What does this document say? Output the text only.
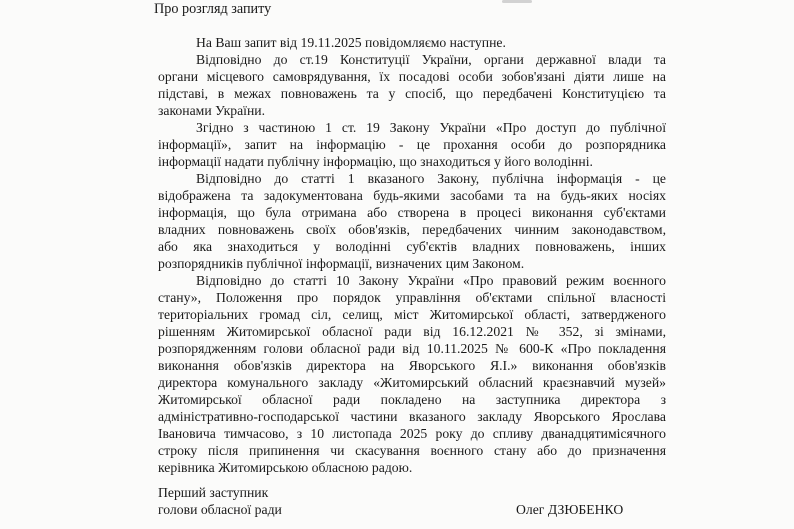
Про розгляд запиту

На Ваш запит від 19.11.2025 повідомляємо наступне.

Відповідно до ст.19 Конституції України, органи державної влади та
органи місцевого самоврядування, їх посадові особи зобов'язані діяти лише на
підставі, в межах повноважень та у спосіб, що передбачені Конституцією та
законами України.

Згідно з частиною 1 ст. 19 Закону України «Про доступ до публічної
інформації», запит на інформацію - це прохання особи до розпорядника
інформації надати публічну інформацію, що знаходиться у його володінні.

Відповідно до статті 1 вказаного Закону, публічна інформація - це
відображена та задокументована будь-якими засобами та на будь-яких носіях
інформація, що була отримана або створена в процесі виконання суб'єктами
владних повноважень своїх обов'язків, передбачених чинним законодавством,
або яка знаходиться у володінні суб'єктів владних повноважень, інших
розпорядників публічної інформації, визначених цим Законом.

Відповідно до статті 10 Закону України «Про правовий режим воєнного
стану», Положення про порядок управління об'єктами спільної власності
територіальних громад сіл, селищ, міст Житомирської області, затвердженого
рішенням Житомирської обласної ради від 16.12.2021 № 352, зі змінами,
розпорядженням голови обласної ради від 10.11.2025 № 600-К «Про покладення
виконання обов'язків директора на Яворського Я.І.» виконання обов'язків
директора комунального закладу «Житомирський обласний краєзнавчий музей»
Житомирської обласної ради покладено на заступника директора з
адміністративно-господарської частини вказаного закладу Яворського Ярослава
Івановича тимчасово, з 10 листопада 2025 року до спливу дванадцятимісячного
строку після припинення чи скасування воєнного стану або до призначення
керівника Житомирською обласною радою.

Перший заступник
голови обласної ради	Олег ДЗЮБЕНКО
